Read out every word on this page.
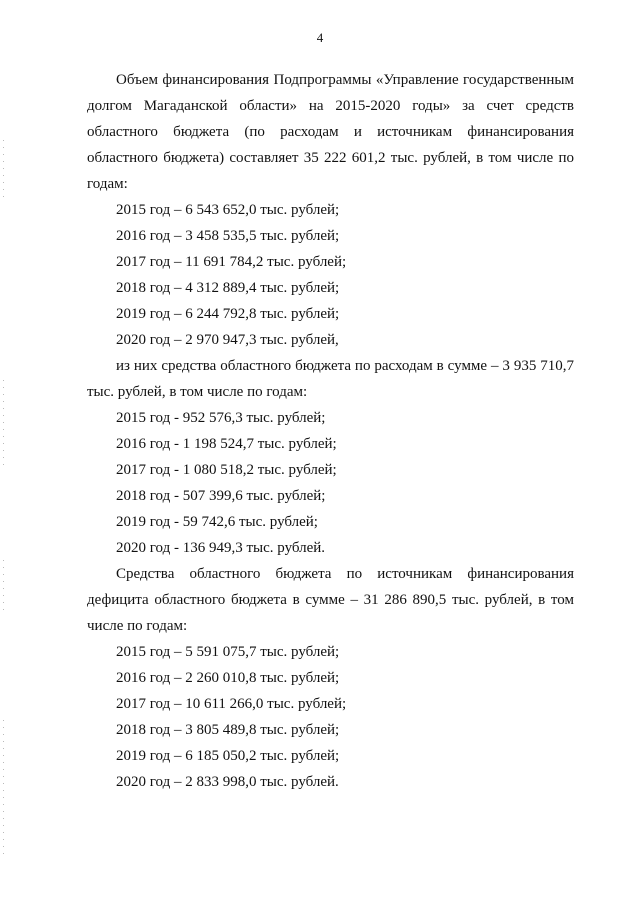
4

Объем финансирования Подпрограммы «Управление государственным долгом Магаданской области» на 2015-2020 годы» за счет средств областного бюджета (по расходам и источникам финансирования областного бюджета) составляет 35 222 601,2 тыс. рублей, в том числе по годам:

2015 год – 6 543 652,0 тыс. рублей;
2016 год – 3 458 535,5 тыс. рублей;
2017 год – 11 691 784,2 тыс. рублей;
2018 год – 4 312 889,4 тыс. рублей;
2019 год – 6 244 792,8 тыс. рублей;
2020 год – 2 970 947,3 тыс. рублей,

из них средства областного бюджета по расходам в сумме – 3 935 710,7 тыс. рублей, в том числе по годам:

2015 год - 952 576,3 тыс. рублей;
2016 год - 1 198 524,7 тыс. рублей;
2017 год - 1 080 518,2 тыс. рублей;
2018 год - 507 399,6 тыс. рублей;
2019 год - 59 742,6 тыс. рублей;
2020 год - 136 949,3 тыс. рублей.

Средства областного бюджета по источникам финансирования дефицита областного бюджета в сумме – 31 286 890,5 тыс. рублей, в том числе по годам:

2015 год – 5 591 075,7 тыс. рублей;
2016 год – 2 260 010,8 тыс. рублей;
2017 год – 10 611 266,0 тыс. рублей;
2018 год – 3 805 489,8 тыс. рублей;
2019 год – 6 185 050,2 тыс. рублей;
2020 год – 2 833 998,0 тыс. рублей.
